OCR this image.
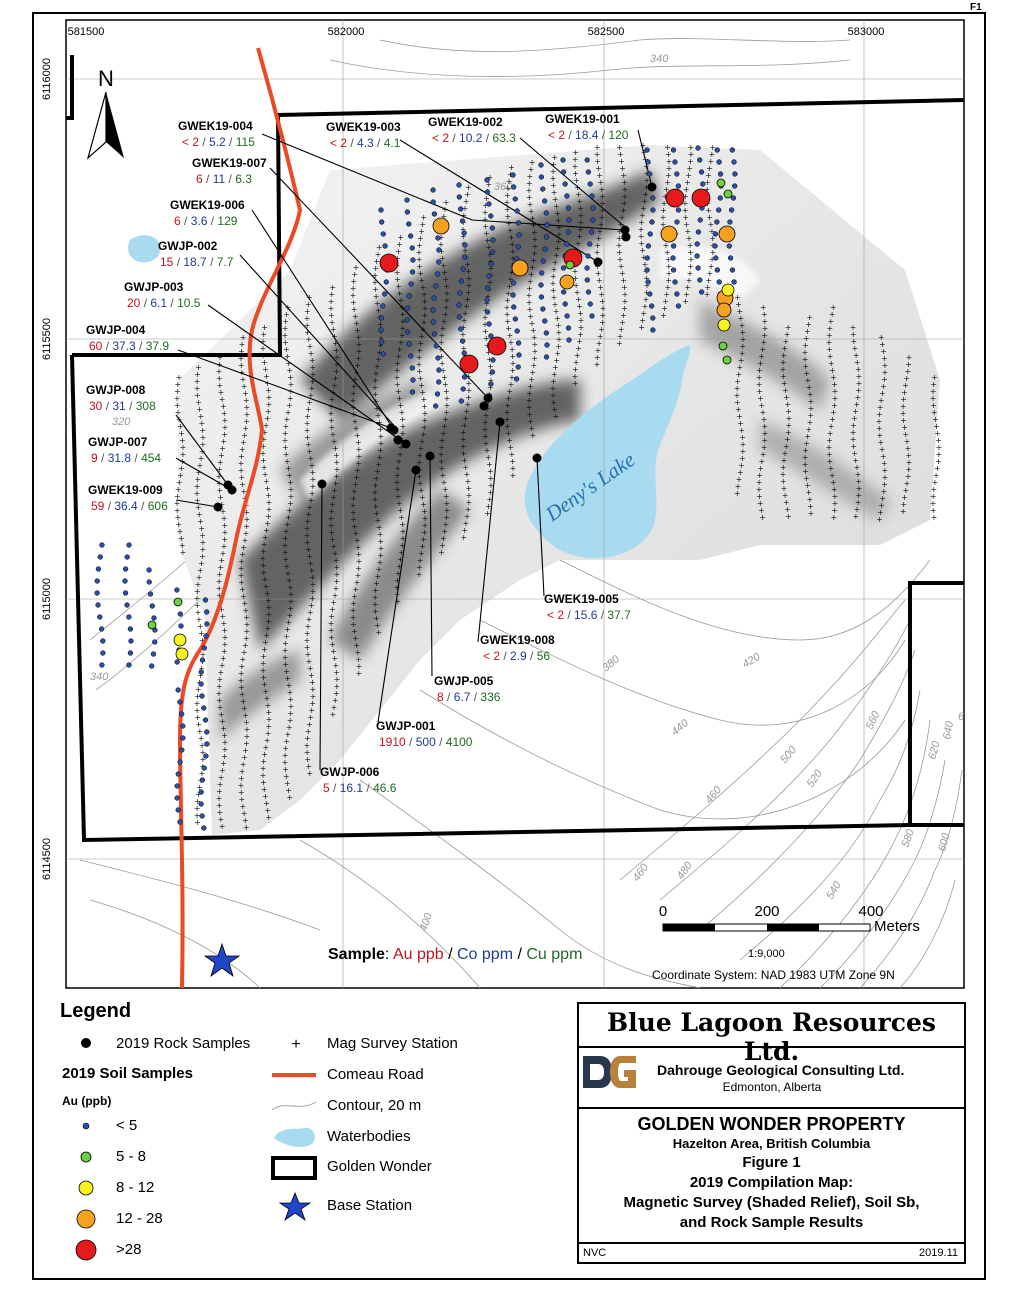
F1
340
320
340
360
380
400
420
440
460
460 480
500
520
540
560
580 600
620
640
660
+
+
+
+
+
+
+
+
+
+
+
+
+
+
+
+
+
+
+
+
+
+
+
+
+
+
+
+
+
+
+
+
+
+
+
+
+
+
+
+
+
+
+
+
+
+
+
+
+
+
+
+
+
+
+
+
+
+
+
+
+
+
+
+
+
+
+
+
+
+
+
+
+
+
+
+
+
+
+
+
+
+
+
+
+
+
+
+
+
+
+
+
+
+
+
+
+
+
+
+
+
+
+
+
+
+
+
+
+
+
+
+
+
+
+
+
+
+
+
+
+
+
+
+
+
+
+
+
+
+
+
+
+
+
+
+
+
+
+
+
+
+
+
+
+
+
+
+
+
+
+
+
+
+
+
+
+
+
+
+
+
+
+
+
+
+
+
+
+
+
+
+
+
+
+
+
+
+
+
+
+
+
+
+
+
+
+
+
+
+
+
+
+
+
+
+
+
+
+
+
+
+
+
+
+
+
+
+
+
+
+
+
+
+
+
+
+
+
+
+
+
+
+
+
+
+
+
+
+
+
+
+
+
+
+
+
+
+
+
+
+
+
+
+
+
+
+
+
+
+
+
+
+
+
+
+
+
+
+
+
+
+
+
+
+
+
+
+
+
+
+
+
+
+
+
+
+
+
+
+
+
+
+
+
+
+
+
+
+
+
+
+
+
+
+
+
+
+
+
+
+
+
+
+
+
+
+
+
+
+
+
+
+
+
+
+
+
+
+
+
+
+
+
+
+
+
+
+
+
+
+
+
+
+
+
+
+
+
+
+
+
+
+
+
+
+
+
+
+
+
+
+
+
+
+
+
+
+
+
+
+
+
+
+
+
+
+
+
+
+
+
+
+
+
+
+
+
+
+
+
+
+
+
+
+
+
+
+
+
+
+
+
+
+
+
+
+
+
+
+
+
+
+
+
+
+
+
+
+
+
+
+
+
+
+
+
+
+
+
+
+
+
+
+
+
+
+
+
+
+
+
+
+
+
+
+
+
+
+
+
+
+
+
+
+
+
+
+
+
+
+
+
+
+
+
+
+
+
+
+
+
+
+
+
+
+
+
+
+
+
+
+
+
+
+
+
+
+
+
+
+
+
+
+
+
+
+
+
+
+
+
+
+
+
+
+
+
+
+
+
+
+
+
+
+
+
+
+
+
+
+
+
+
+
+
+
+
+
+
+
+
+
+
+
+
+
+
+
+
+
+
+
+
+
+
+
+
+
+
+
+
+
+
+
+
+
+
+
+
+
+
+
+
+
+
+
+
+
+
+
+
+
+
+
+
+
+
+
+
+
+
+
+
+
+
+
+
+
+
+
+
+
+
+
+
+
+
+
+
+
+
+
+
+
+
+
+
+
+
+
+
+
+
+
+
+
+
+
+
+
+
+
+
+
+
+
+
+
+
+
+
+
+
+
+
+
+
+
+
+
+
+
+
+
+
+
+
+
+
+
+
+
+
+
+
+
+
+
+
+
+
+
+
+
+
+
+
+
+
+
+
+
+
+
+
+
+
+
+
+
+
+
+
+
+
+
+
+
+
+
+
+
+
+
+
+
+
+
+
+
+
+
+
+
+
+
+
+
+
+
+
+
+
+
+
+
+
+
+
+
+
+
+
+
+
+
+
+
+
+
+
+
+
+
+
+
+
+
+
+
+
+
+
+
+
+
+
+
+
+
+
+
+
+
+
+
+
+
+
+
+
+
+
+
+
+
+
+
+
+
+
+
+
+
+
+
+
+
+
+
+
+
+
+
+
+
+
+
+
+
+
+
+
+
+
+
+
+
+
+
+
+
+
+
+
+
+
+
+
+
+
+
+
+
+
+
+
+
+
+
+
+
+
+
+
+
+
+
+
+
+
+
+
+
+
+
+
+
+
+
+
+
+
+
+
+
+
+
+
+
+
+
+
+
+
+
+
+
+
+
+
+
+
+
+
+
+
+
+
+
+
+
+
+
+
+
+
+
+
+
+
+
+
+
+
+
+
+
+
+
+
+
+
+
+
+
+
+
+
+
+
+
+
+
+
+
+
+
+
+
+
+
+
+
+
+
+
+
+
+
+
+
+
+
+
+
+
+
+
+
+
+
+
+
+
+
+
+
+
+
+
+
+
+
+
+
+
+
+
+
+
+
+
+
+
+
+
+
+
+
+
+
+
+
+
+
+
+
+
+
+
+
+
+
+
+
+
+
+
+
+
+
+
+
+
+
+
+
+
+
+
+
+
+
+
+
+
+
+
+
+
+
+
+
+
+
+
+
+
+
+
+
+
+
+
+
+
+
+
+
+
+
+
+
+
+
+
+
+
+
+
+
+
+
+
+
+
+
+
+
+
+
+
+
+
+
+
+
+
+
+
+
+
+
+
+
+
+
+
+
+
+
+
+
+
+
+
+
+
+
+
+
+
+
+
+
+
+
+
+
+
+
+
+
+
+
+
+
+
+
+
+
+
+
+
+
+
+
+
+
+
+
+
+
+
+
+
+
+
+
+
+
+
+
+
+
+
+
+
+
+
+
+
+
+
+
+
+
+
+
+
+
+
+
+
+
+
+
+
+
+
+
+
+
+
+
+
+
+
+
+
+
+
+
+
+
+
+
+
+
+	+
+
+
+
+
+
+
+
+
+
+
+
+
+
+
+
+
+
+
+
+
+
+
+
+
+
+
+
+
+
+
+
+
+
+
+
+
+
+
+
+
+
+
+
+
+
+
+
+
+
+
+
+
+
+
+
+
+
+
+
+
+
+
+
+
+
+
+
+
+
+
+
+
+
+
+
+
+
+
+
+
+
+
+
+
+
+
+
+
+
+
+
+
+
+
+
+
+
+
+
+
+
+
+
+
+
+
+
+
+
+
+
+
+
+
+
+
+
+
+
+
+
+
+
+
+
+
+
+
+
+
+
+
+
+
+
+
+
+
+
+
+
+
+
+
+
+
+
+
+
+
+
+
+
+
+
+
+
+
+
+
+
+
+
+
+
+
+
+
+
+
+
+
+
+
+
+
+
+
+
+
+
+
+
+
+
+
+
+
+
+
+
+
+
+
+
+
+
+
+
+
+
+
+
+
+
+
+
+
+
+
+
+
+
+
+
+
+
+
+
+
+
+
+
+
+
+
+
+
+
+
+
+
+
+
+
+
+
+
+
+
+
+
+
+
+
+
Deny's Lake
N
0	200	400
Meters
581500	582000	582500	583000
6116000
6115500
6115000
6114500
GWEK19-004
< 2 / 5.2 / 115
GWEK19-007
6 / 11 / 6.3
GWEK19-006
6 / 3.6 / 129
GWJP-002
15 / 18.7 / 7.7
GWJP-003
20 / 6.1 / 10.5
GWJP-004
60 / 37.3 / 37.9
GWJP-008
30 / 31 / 308
GWJP-007
9 / 31.8 / 454
GWEK19-009
59 / 36.4 / 606
GWEK19-003
< 2 / 4.3 / 4.1
GWEK19-002
< 2 / 10.2 / 63.3
GWEK19-001
< 2 / 18.4 / 120
GWEK19-005
< 2 / 15.6 / 37.7
GWEK19-008
< 2 / 2.9 / 56
GWJP-005
8 / 6.7 / 336
GWJP-001
1910 / 500 / 4100
GWJP-006
5 / 16.1 / 46.6
+
Sample: Au ppb / Co ppm / Cu ppm	1:9,000
Coordinate System: NAD 1983 UTM Zone 9N
Legend
2019 Rock Samples
2019 Soil Samples
Au (ppb)
< 5
5 - 8
8 - 12
12 - 28
>28
Mag Survey Station
Comeau Road
Contour, 20 m
Waterbodies
Golden Wonder
Base Station
Blue Lagoon Resources Ltd.
Dahrouge Geological Consulting Ltd.
Edmonton, Alberta
GOLDEN WONDER PROPERTY
Hazelton Area, British Columbia
Figure 1
2019 Compilation Map:
Magnetic Survey (Shaded Relief), Soil Sb,
and Rock Sample Results
NVC	2019.11
